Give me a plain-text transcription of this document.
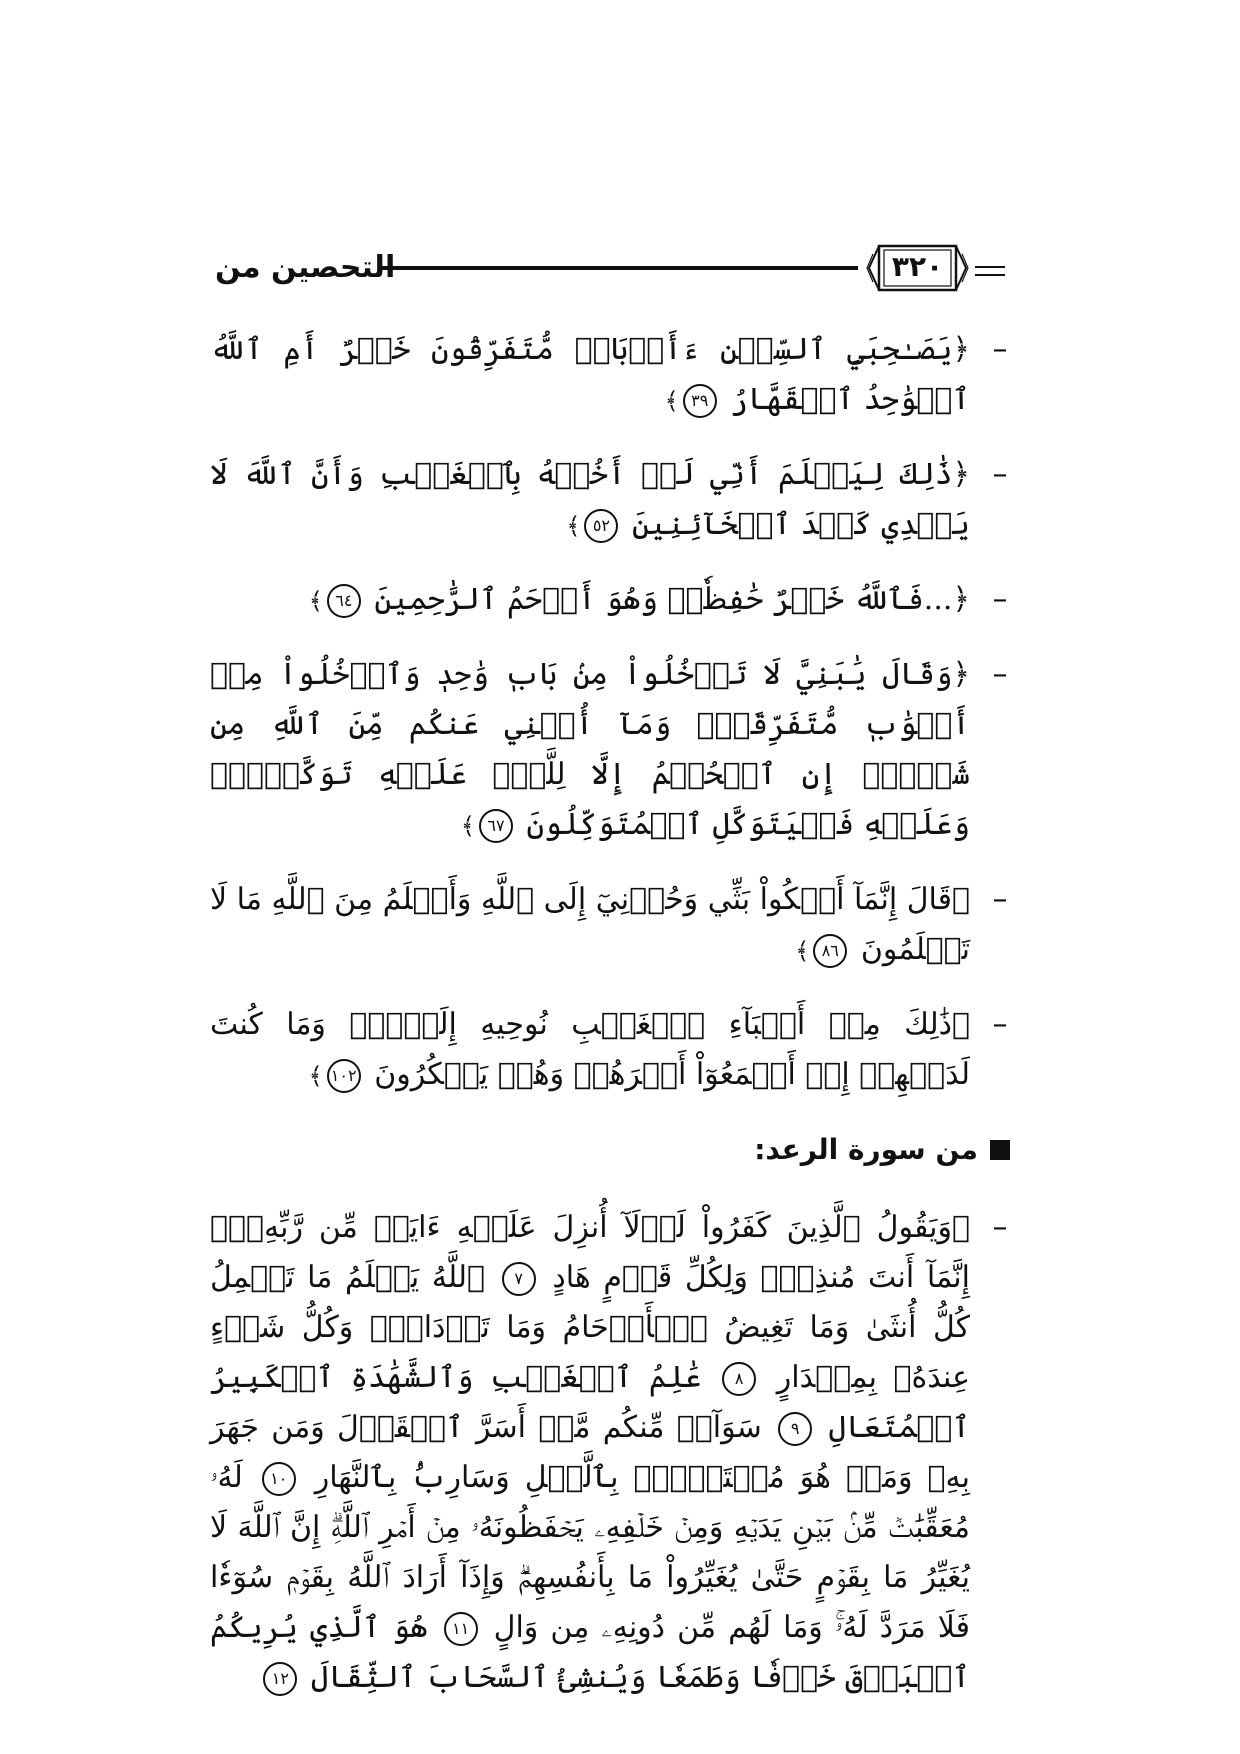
التحصين من	٣٢٠
–
﴿يَصَـٰحِبَيِ ٱلسِّجۡنِ ءَأَرۡبَابٞ مُّتَفَرِّقُونَ خَيۡرٌ أَمِ ٱللَّهُ ٱلۡوَٰحِدُ ٱلۡقَهَّارُ ٣٩﴾
–
﴿ذَٰلِكَ لِيَعۡلَمَ أَنِّي لَمۡ أَخُنۡهُ بِٱلۡغَيۡبِ وَأَنَّ ٱللَّهَ لَا يَهۡدِي كَيۡدَ ٱلۡخَآئِنِينَ ٥٢﴾
–
﴿...فَٱللَّهُ خَيۡرٌ حَٰفِظٗاۖ وَهُوَ أَرۡحَمُ ٱلرَّٰحِمِينَ ٦٤﴾
–
﴿وَقَالَ يَٰبَنِيَّ لَا تَدۡخُلُواْ مِنۢ بَابٖ وَٰحِدٖ وَٱدۡخُلُواْ مِنۡ أَبۡوَٰبٖ مُّتَفَرِّقَةٖۖ وَمَآ أُغۡنِي عَنكُم مِّنَ ٱللَّهِ مِن شَيۡءٍۖ إِنِ ٱلۡحُكۡمُ إِلَّا لِلَّهِۖ عَلَيۡهِ تَوَكَّلۡتُۖ وَعَلَيۡهِ فَلۡيَتَوَكَّلِ ٱلۡمُتَوَكِّلُونَ ٦٧﴾
–
﴿قَالَ إِنَّمَآ أَشۡكُواْ بَثِّي وَحُزۡنِيٓ إِلَى ٱللَّهِ وَأَعۡلَمُ مِنَ ٱللَّهِ مَا لَا تَعۡلَمُونَ ٨٦﴾
–
﴿ذَٰلِكَ مِنۡ أَنۢبَآءِ ٱلۡغَيۡبِ نُوحِيهِ إِلَيۡكَۖ وَمَا كُنتَ لَدَيۡهِمۡ إِذۡ أَجۡمَعُوٓاْ أَمۡرَهُمۡ وَهُمۡ يَمۡكُرُونَ ١٠٢﴾
من سورة الرعد:
–
﴿وَيَقُولُ ٱلَّذِينَ كَفَرُواْ لَوۡلَآ أُنزِلَ عَلَيۡهِ ءَايَةٞ مِّن رَّبِّهِۦٓۗ إِنَّمَآ أَنتَ مُنذِرٞۖ وَلِكُلِّ قَوۡمٍ هَادٍ ٧ ٱللَّهُ يَعۡلَمُ مَا تَحۡمِلُ كُلُّ أُنثَىٰ وَمَا تَغِيضُ ٱلۡأَرۡحَامُ وَمَا تَزۡدَادُۖ وَكُلُّ شَيۡءٍ عِندَهُۥ بِمِقۡدَارٍ ٨ عَٰلِمُ ٱلۡغَيۡبِ وَٱلشَّهَٰدَةِ ٱلۡكَبِيرُ ٱلۡمُتَعَالِ ٩ سَوَآءٞ مِّنكُم مَّنۡ أَسَرَّ ٱلۡقَوۡلَ وَمَن جَهَرَ بِهِۦ وَمَنۡ هُوَ مُسۡتَخۡفِۭ بِٱلَّيۡلِ وَسَارِبُۢ بِٱلنَّهَارِ ١٠ لَهُۥ مُعَقِّبَٰتٞ مِّنۢ بَيۡنِ يَدَيۡهِ وَمِنۡ خَلۡفِهِۦ يَحۡفَظُونَهُۥ مِنۡ أَمۡرِ ٱللَّهِۗ إِنَّ ٱللَّهَ لَا يُغَيِّرُ مَا بِقَوۡمٍ حَتَّىٰ يُغَيِّرُواْ مَا بِأَنفُسِهِمۡۗ وَإِذَآ أَرَادَ ٱللَّهُ بِقَوۡمٖ سُوٓءٗا فَلَا مَرَدَّ لَهُۥۚ وَمَا لَهُم مِّن دُونِهِۦ مِن وَالٍ ١١ هُوَ ٱلَّذِي يُرِيكُمُ ٱلۡبَرۡقَ خَوۡفٗا وَطَمَعٗا وَيُنشِئُ ٱلسَّحَابَ ٱلثِّقَالَ ١٢
